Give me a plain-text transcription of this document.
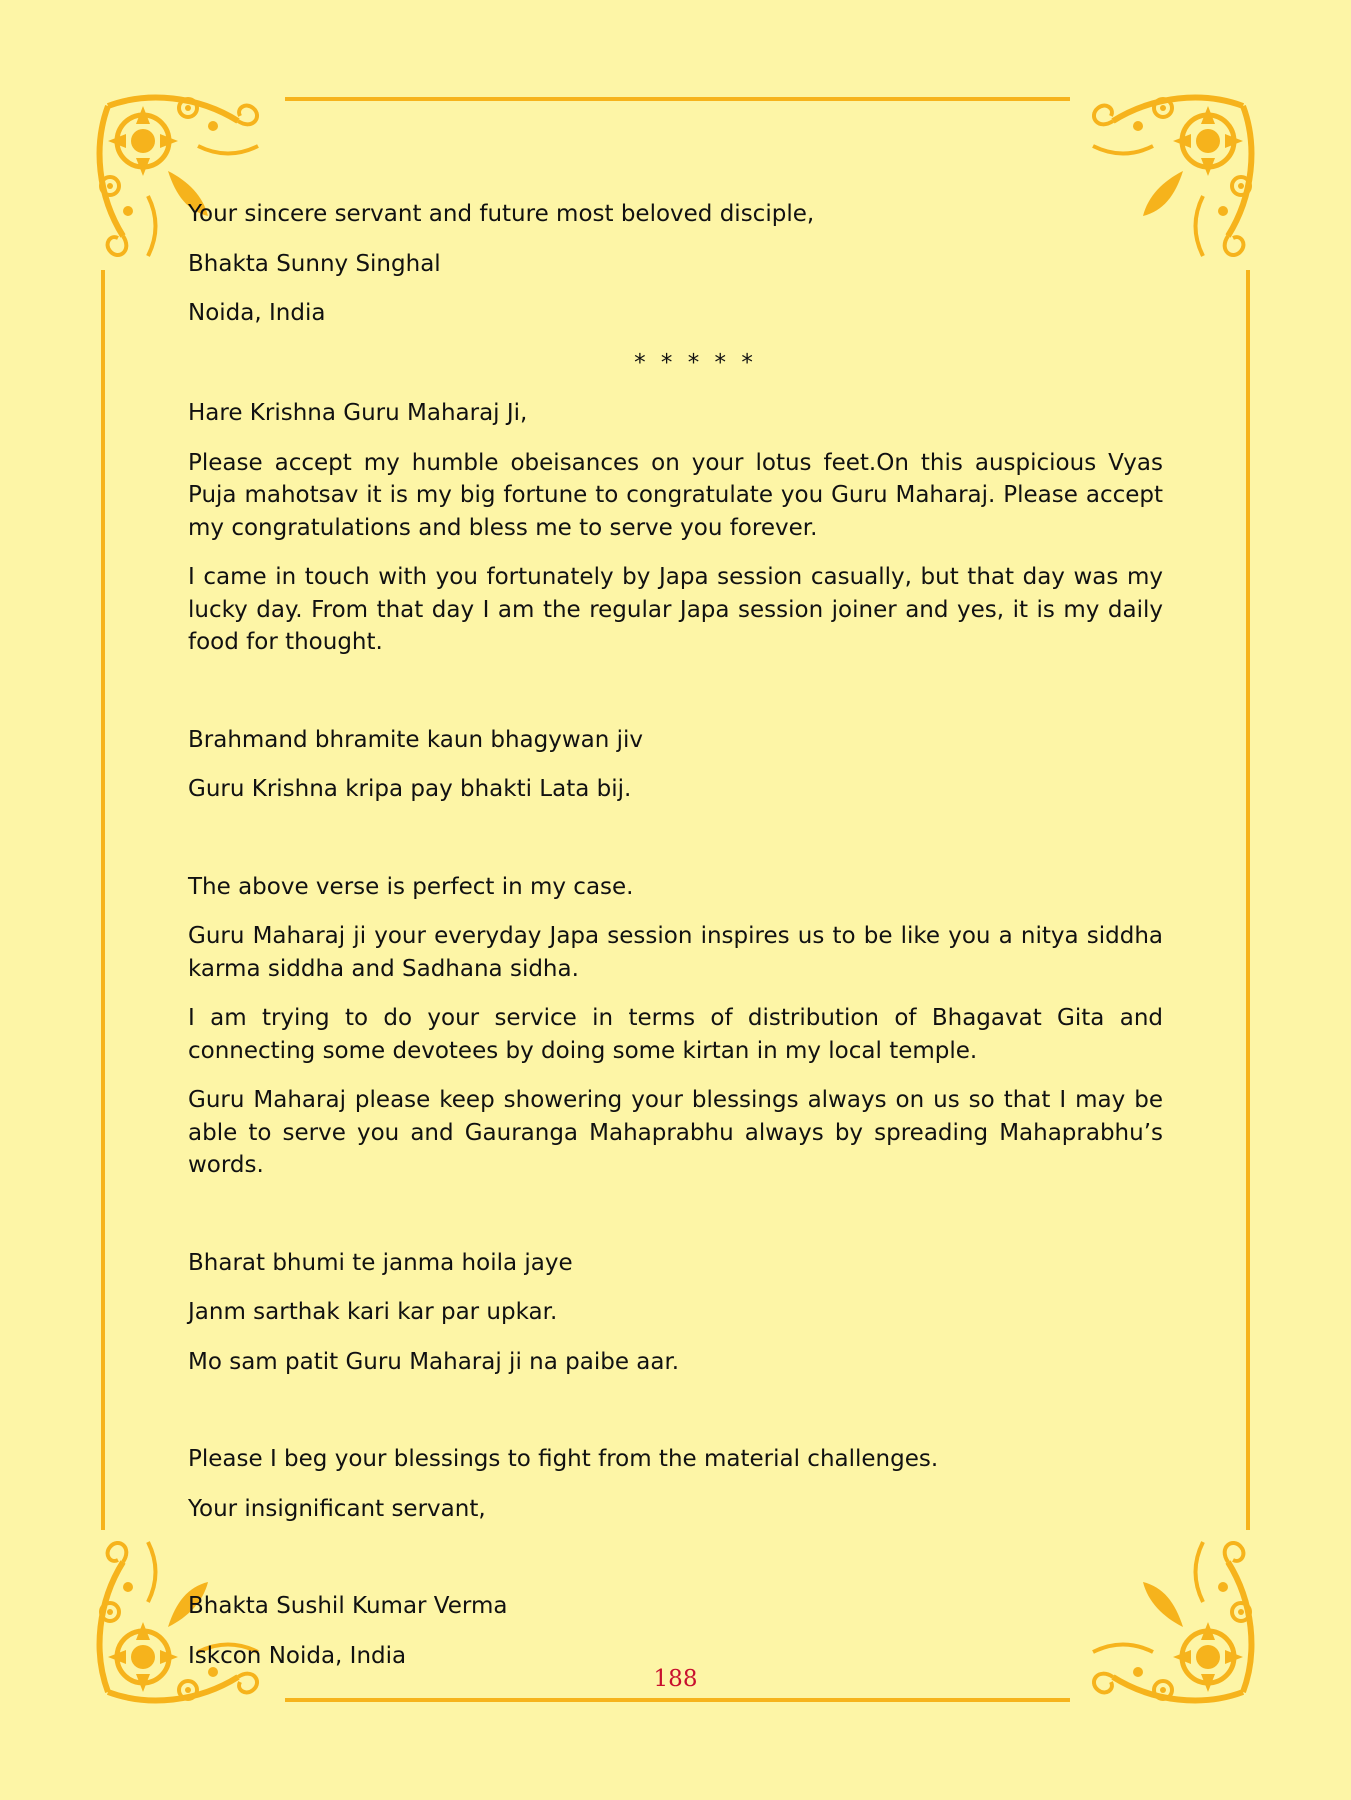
Your sincere servant and future most beloved disciple,

Bhakta Sunny Singhal

Noida, India

* * * * *

Hare Krishna Guru Maharaj Ji,

Please accept my humble obeisances on your lotus feet.On this auspicious Vyas Puja mahotsav it is my big fortune to congratulate you Guru Maharaj. Please accept my congratulations and bless me to serve you forever.

I came in touch with you fortunately by Japa session casually, but that day was my lucky day. From that day I am the regular Japa session joiner and yes, it is my daily food for thought.

Brahmand bhramite kaun bhagywan jiv

Guru Krishna kripa pay bhakti Lata bij.

The above verse is perfect in my case.

Guru Maharaj ji your everyday Japa session inspires us to be like you a nitya siddha karma siddha and Sadhana sidha.

I am trying to do your service in terms of distribution of Bhagavat Gita and connecting some devotees by doing some kirtan in my local temple.

Guru Maharaj please keep showering your blessings always on us so that I may be able to serve you and Gauranga Mahaprabhu always by spreading Mahaprabhu’s words.

Bharat bhumi te janma hoila jaye

Janm sarthak kari kar par upkar.

Mo sam patit Guru Maharaj ji na paibe aar.

Please I beg your blessings to fight from the material challenges.

Your insignificant servant,

Bhakta Sushil Kumar Verma

Iskcon Noida, India

188
